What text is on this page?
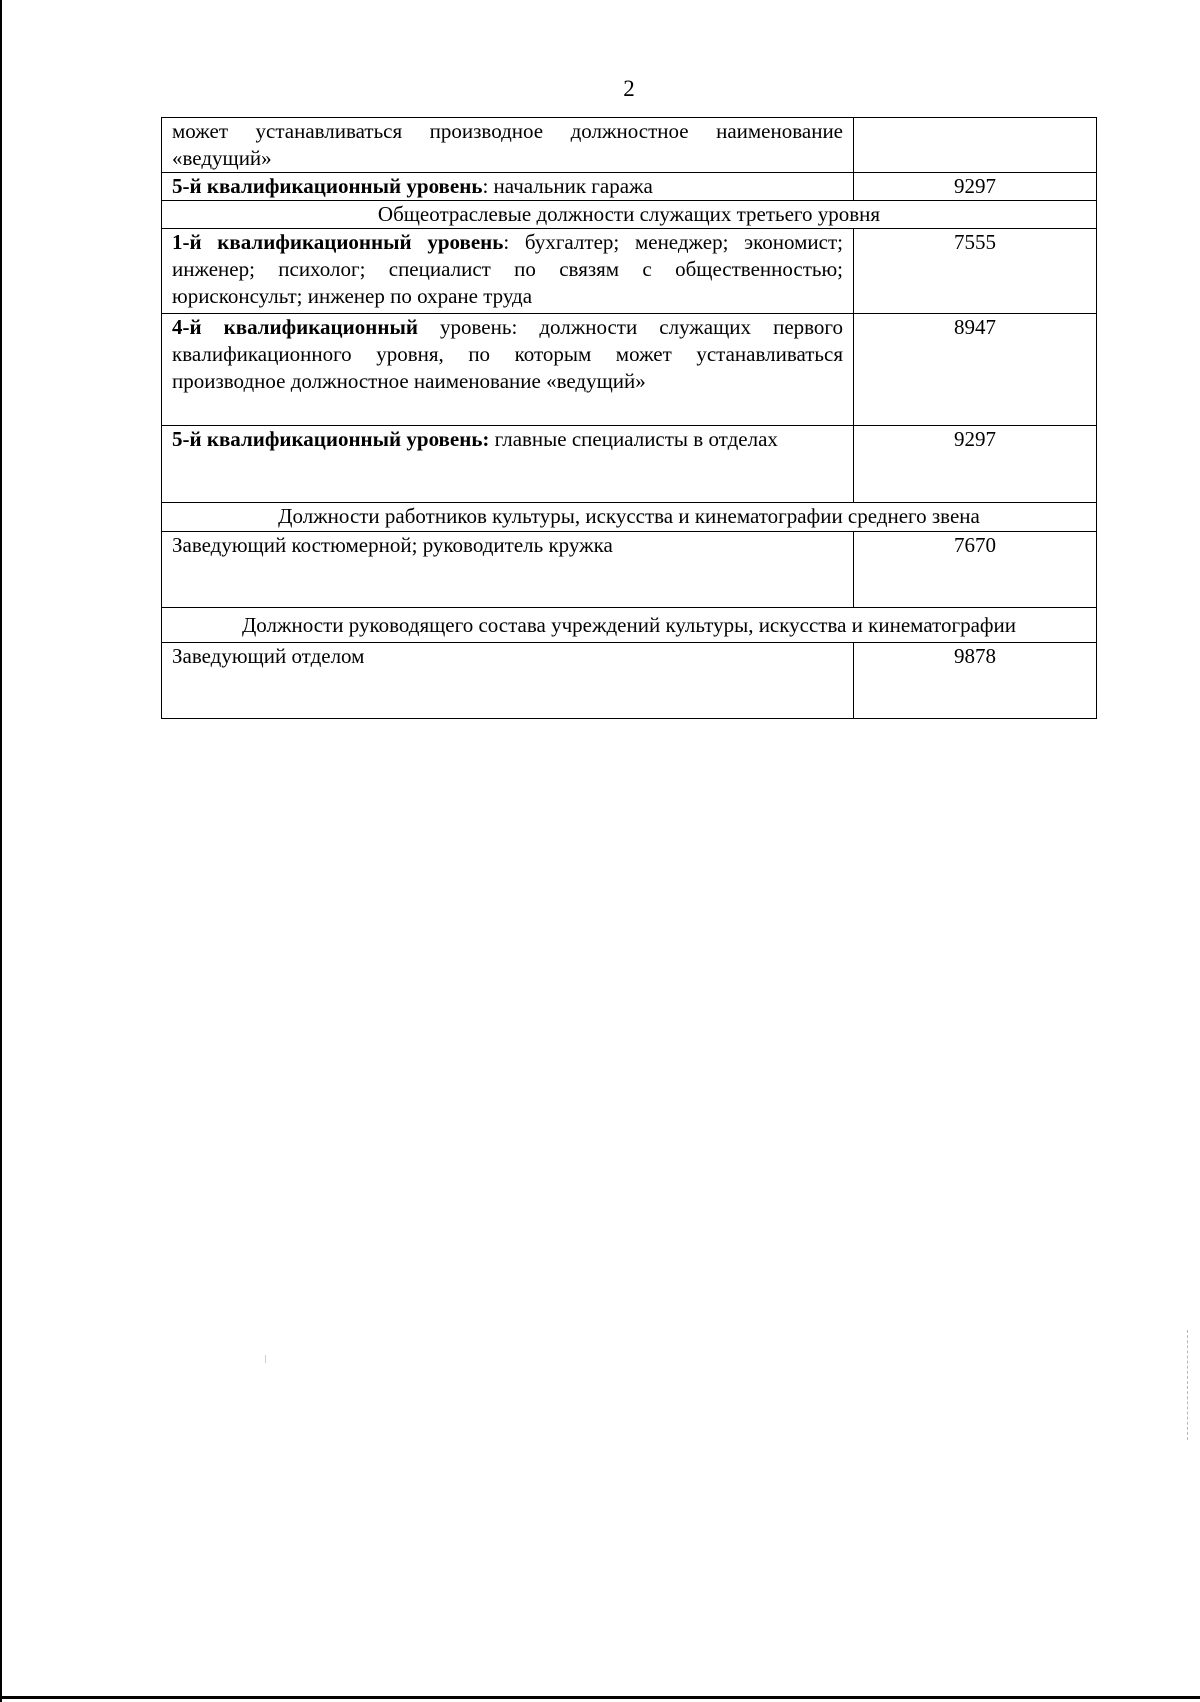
2
может устанавливаться производное должностное наименование «ведущий»	
5-й квалификационный уровень: начальник гаража	9297
Общеотраслевые должности служащих третьего уровня	
1-й квалификационный уровень: бухгалтер; менеджер; экономист; инженер; психолог; специалист по связям с общественностью; юрисконсульт; инженер по охране труда	7555
4-й квалификационный уровень: должности служащих первого квалификационного уровня, по которым может устанавливаться производное должностное наименование «ведущий»	8947
5-й квалификационный уровень: главные специалисты в отделах	9297
Должности работников культуры, искусства и кинематографии среднего звена	
Заведующий костюмерной; руководитель кружка	7670
Должности руководящего состава учреждений культуры, искусства и кинематографии	
Заведующий отделом	9878
